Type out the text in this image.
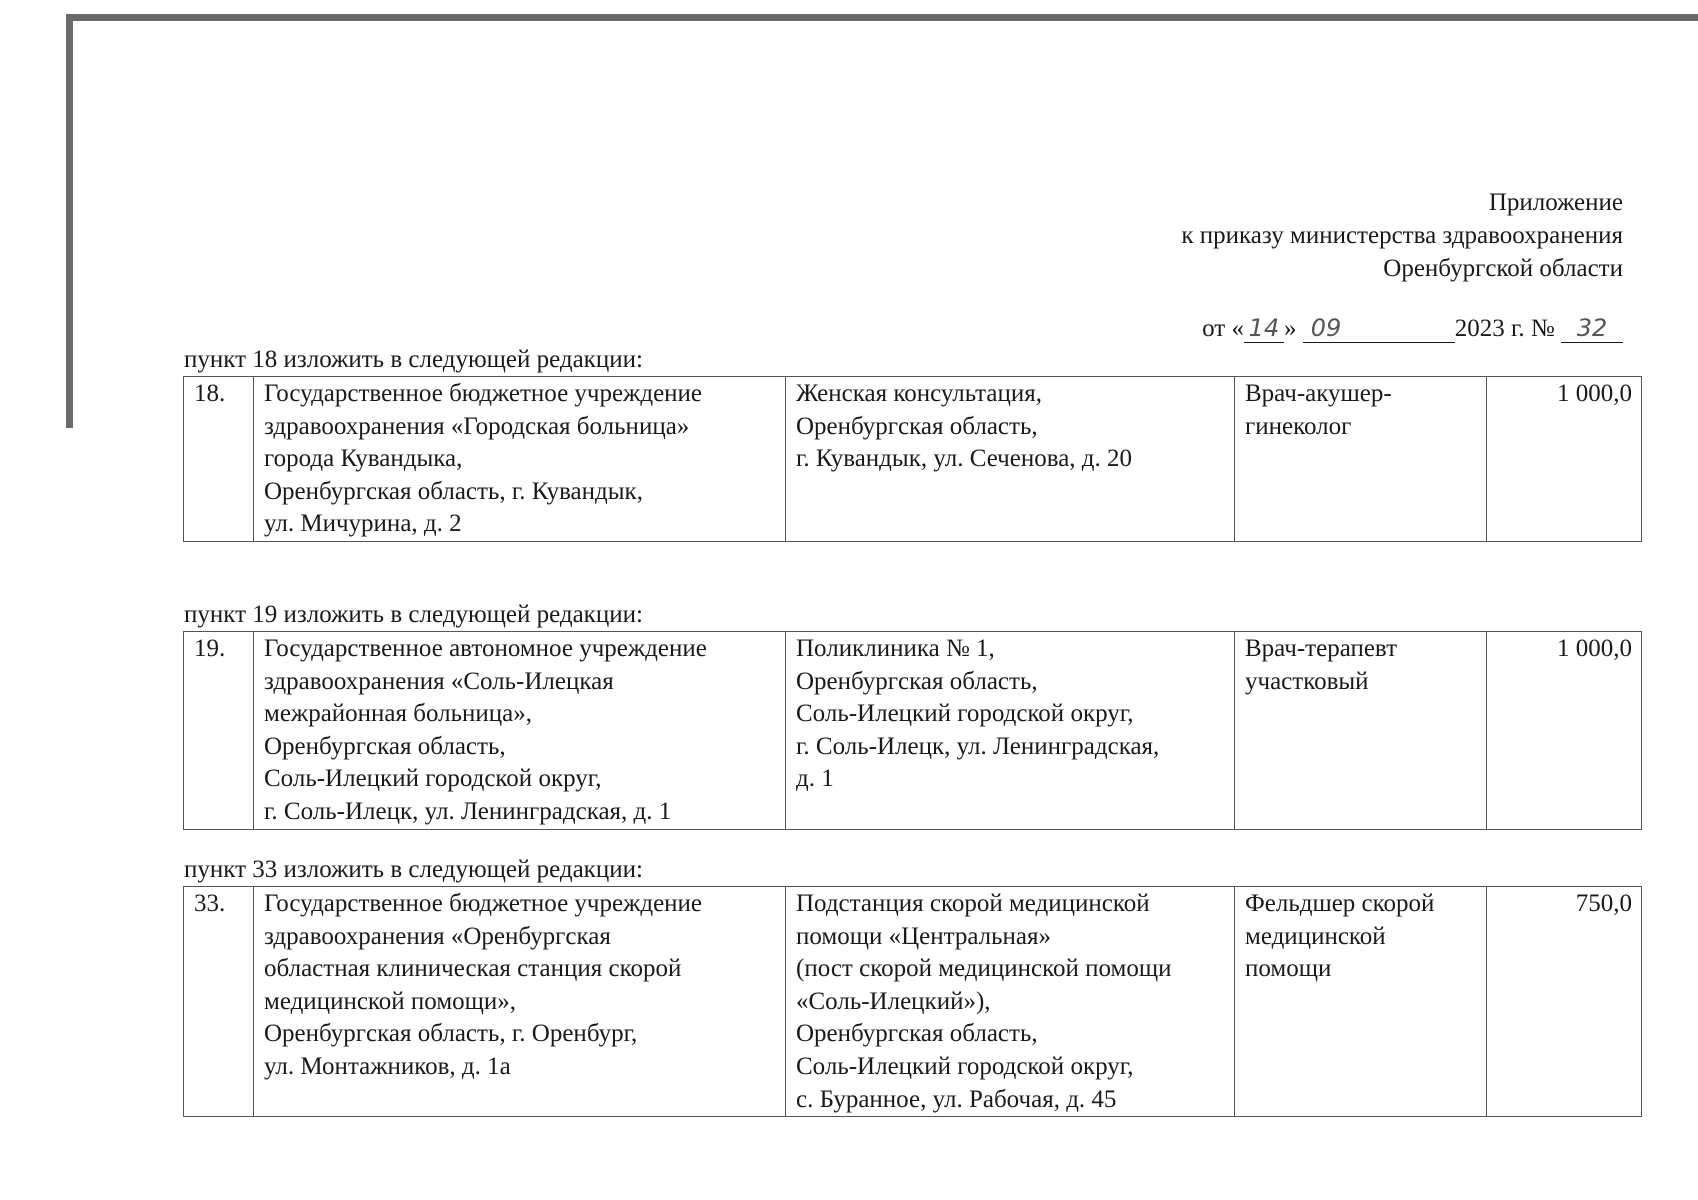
Приложение
к приказу министерства здравоохранения
Оренбургской области
от « 14 » 09	2023 г. № 32
пункт 18 изложить в следующей редакции:
18.	Государственное бюджетное учреждение
здравоохранения «Городская больница»
города Кувандыка,
Оренбургская область, г. Кувандык,
ул. Мичурина, д. 2	Женская консультация,
Оренбургская область,
г. Кувандык, ул. Сеченова, д. 20	Врач-акушер-
гинеколог	1 000,0
пункт 19 изложить в следующей редакции:
19.	Государственное автономное учреждение
здравоохранения «Соль-Илецкая
межрайонная больница»,
Оренбургская область,
Соль-Илецкий городской округ,
г. Соль-Илецк, ул. Ленинградская, д. 1	Поликлиника № 1,
Оренбургская область,
Соль-Илецкий городской округ,
г. Соль-Илецк, ул. Ленинградская,
д. 1	Врач-терапевт
участковый	1 000,0
пункт 33 изложить в следующей редакции:
33.	Государственное бюджетное учреждение
здравоохранения «Оренбургская
областная клиническая станция скорой
медицинской помощи»,
Оренбургская область, г. Оренбург,
ул. Монтажников, д. 1а	Подстанция скорой медицинской
помощи «Центральная»
(пост скорой медицинской помощи
«Соль-Илецкий»),
Оренбургская область,
Соль-Илецкий городской округ,
с. Буранное, ул. Рабочая, д. 45	Фельдшер скорой
медицинской
помощи	750,0
